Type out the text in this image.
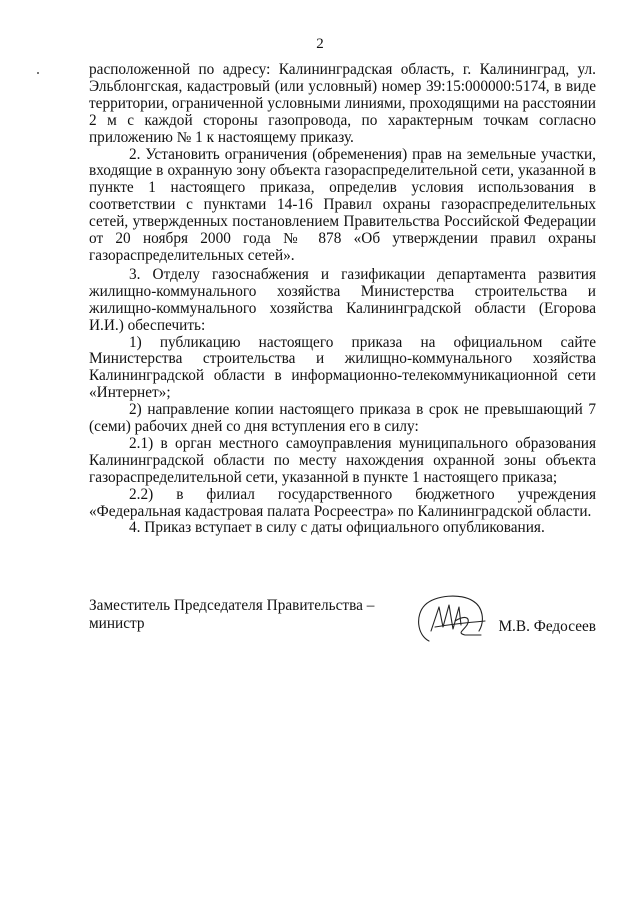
2

расположенной по адресу: Калининградская область, г. Калининград, ул. Эльблонгская, кадастровый (или условный) номер 39:15:000000:5174, в виде территории, ограниченной условными линиями, проходящими на расстоянии 2 м с каждой стороны газопровода, по характерным точкам согласно приложению № 1 к настоящему приказу.

2. Установить ограничения (обременения) прав на земельные участки, входящие в охранную зону объекта газораспределительной сети, указанной в пункте 1 настоящего приказа, определив условия использования в соответствии с пунктами 14-16 Правил охраны газораспределительных сетей, утвержденных постановлением Правительства Российской Федерации от 20 ноября 2000 года № 878 «Об утверждении правил охраны газораспределительных сетей».

3. Отделу газоснабжения и газификации департамента развития жилищно-коммунального хозяйства Министерства строительства и жилищно-коммунального хозяйства Калининградской области (Егорова И.И.) обеспечить:

1) публикацию настоящего приказа на официальном сайте Министерства строительства и жилищно-коммунального хозяйства Калининградской области в информационно-телекоммуникационной сети «Интернет»;

2) направление копии настоящего приказа в срок не превышающий 7 (семи) рабочих дней со дня вступления его в силу:

2.1) в орган местного самоуправления муниципального образования Калининградской области по месту нахождения охранной зоны объекта газораспределительной сети, указанной в пункте 1 настоящего приказа;

2.2) в филиал государственного бюджетного учреждения «Федеральная кадастровая палата Росреестра» по Калининградской области.

4. Приказ вступает в силу с даты официального опубликования.

Заместитель Председателя Правительства –
министр	М.В. Федосеев
